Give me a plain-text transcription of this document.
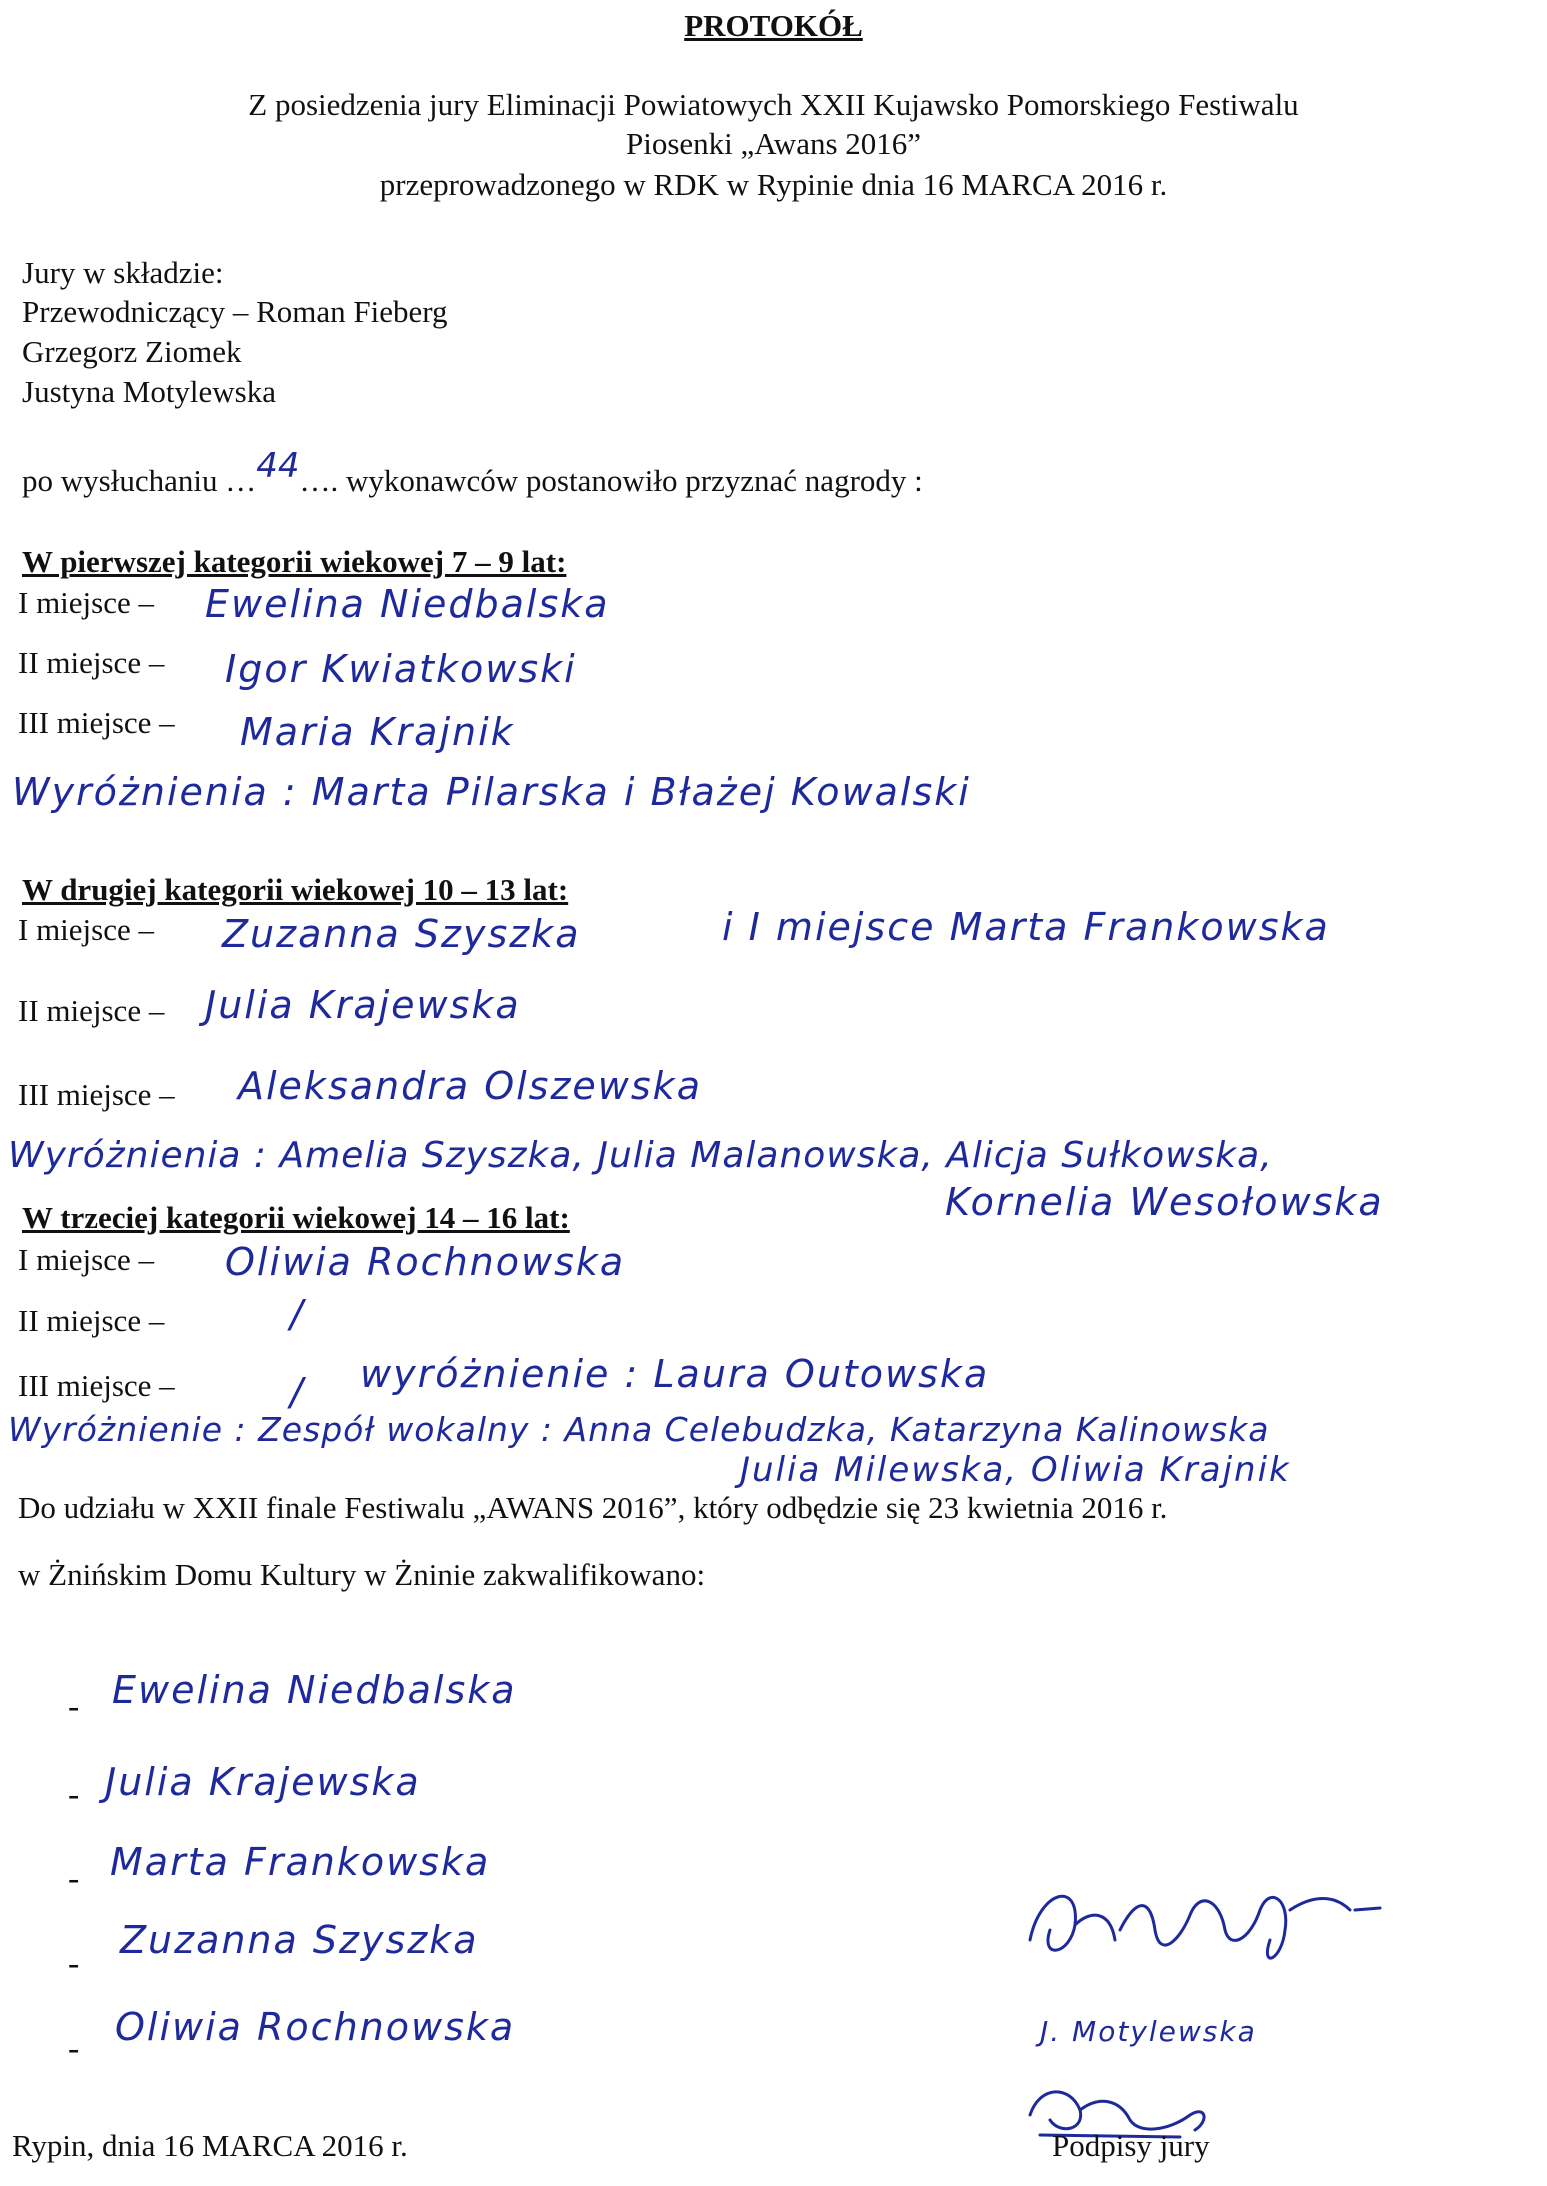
PROTOKÓŁ
Z posiedzenia jury Eliminacji Powiatowych XXII Kujawsko Pomorskiego Festiwalu
Piosenki „Awans 2016”
przeprowadzonego w RDK w Rypinie dnia 16 MARCA 2016 r.
Jury w składzie:
Przewodniczący – Roman Fieberg
Grzegorz Ziomek
Justyna Motylewska
po wysłuchaniu …44…. wykonawców postanowiło przyznać nagrody :
W pierwszej kategorii wiekowej 7 – 9 lat:
I miejsce – Ewelina Niedbalska
II miejsce – Igor Kwiatkowski
III miejsce – Maria Krajnik
Wyróżnienia : Marta Pilarska i Błażej Kowalski
W drugiej kategorii wiekowej 10 – 13 lat:
I miejsce – Zuzanna Szyszka	i I miejsce Marta Frankowska
II miejsce – Julia Krajewska
III miejsce – Aleksandra Olszewska
Wyróżnienia : Amelia Szyszka, Julia Malanowska, Alicja Sułkowska,
Kornelia Wesołowska
W trzeciej kategorii wiekowej 14 – 16 lat:
I miejsce – Oliwia Rochnowska
II miejsce –	/
III miejsce –	/ wyróżnienie : Laura Outowska
Wyróżnienie : Zespół wokalny : Anna Celebudzka, Katarzyna Kalinowska
Julia Milewska, Oliwia Krajnik
Do udziału w XXII finale Festiwalu „AWANS 2016”, który odbędzie się 23 kwietnia 2016 r.
w Żnińskim Domu Kultury w Żninie zakwalifikowano:
- Ewelina Niedbalska
- Julia Krajewska
- Marta Frankowska
-
Zuzanna Szyszka
- Oliwia Rochnowska	J. Motylewska
Rypin, dnia 16 MARCA 2016 r.	Podpisy jury
